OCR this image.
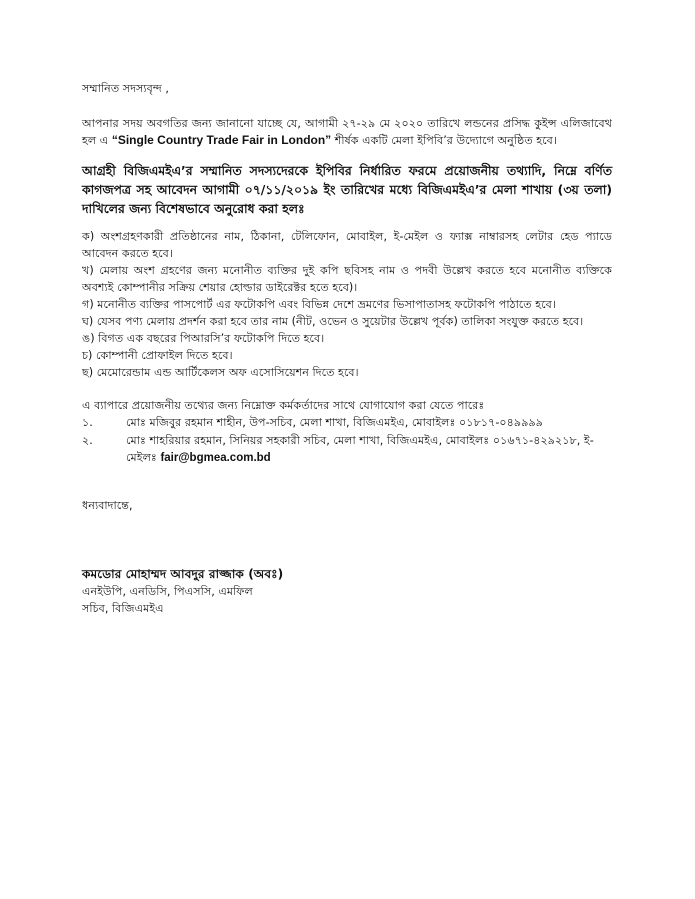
সম্মানিত সদস্যবৃন্দ ,

আপনার সদয় অবগতির জন্য জানানো যাচ্ছে যে, আগামী ২৭-২৯ মে ২০২০ তারিখে লন্ডনের প্রসিদ্ধ কুইন্স এলিজাবেথ হল এ “Single Country Trade Fair in London” শীর্ষক একটি মেলা ইপিবি’র উদ্যোগে অনুষ্ঠিত হবে।

আগ্রহী বিজিএমইএ’র সম্মানিত সদস্যদেরকে ইপিবির নির্ধারিত ফরমে প্রয়োজনীয় তথ্যাদি, নিম্নে বর্ণিত কাগজপত্র সহ আবেদন আগামী ০৭/১১/২০১৯ ইং তারিখের মধ্যে বিজিএমইএ’র মেলা শাখায় (৩য় তলা) দাখিলের জন্য বিশেষভাবে অনুরোধ করা হলঃ

ক) অংশগ্রহণকারী প্রতিষ্ঠানের নাম, ঠিকানা, টেলিফোন, মোবাইল, ই-মেইল ও ফ্যাক্স নাম্বারসহ লেটার হেড প্যাডে আবেদন করতে হবে।
খ) মেলায় অংশ গ্রহণের জন্য মনোনীত ব্যক্তির দুই কপি ছবিসহ নাম ও পদবী উল্লেখ করতে হবে মনোনীত ব্যক্তিকে অবশ্যই কোম্পানীর সক্রিয় শেয়ার হোল্ডার ডাইরেক্টর হতে হবে)।
গ) মনোনীত ব্যক্তির পাসপোর্ট এর ফটোকপি এবং বিভিন্ন দেশে ভ্রমণের ভিসাপাতাসহ ফটোকপি পাঠাতে হবে।
ঘ) যেসব পণ্য মেলায় প্রদর্শন করা হবে তার নাম (নীট, ওভেন ও সুয়েটার উল্লেখ পূর্বক) তালিকা সংযুক্ত করতে হবে।
ঙ) বিগত এক বছরের পিআরসি’র ফটোকপি দিতে হবে।
চ) কোম্পানী প্রোফাইল দিতে হবে।
ছ) মেমোরেন্ডাম এন্ড আর্টিকেলস অফ এসোসিয়েশন দিতে হবে।

এ ব্যাপারে প্রয়োজনীয় তথ্যের জন্য নিম্নোক্ত কর্মকর্তাদের সাথে যোগাযোগ করা যেতে পারেঃ

১.	মোঃ মজিবুর রহমান শাহীন, উপ-সচিব, মেলা শাখা, বিজিএমইএ, মোবাইলঃ ০১৮১৭-০৪৯৯৯৯
২.	মোঃ শাহরিয়ার রহমান, সিনিয়র সহকারী সচিব, মেলা শাখা, বিজিএমইএ, মোবাইলঃ ০১৬৭১-৪২৯২১৮, ই-মেইলঃ fair@bgmea.com.bd

ধন্যবাদান্তে,

কমডোর মোহাম্মদ আবদুর রাজ্জাক (অবঃ)

এনইউপি, এনডিসি, পিএসসি, এমফিল

সচিব, বিজিএমইএ
